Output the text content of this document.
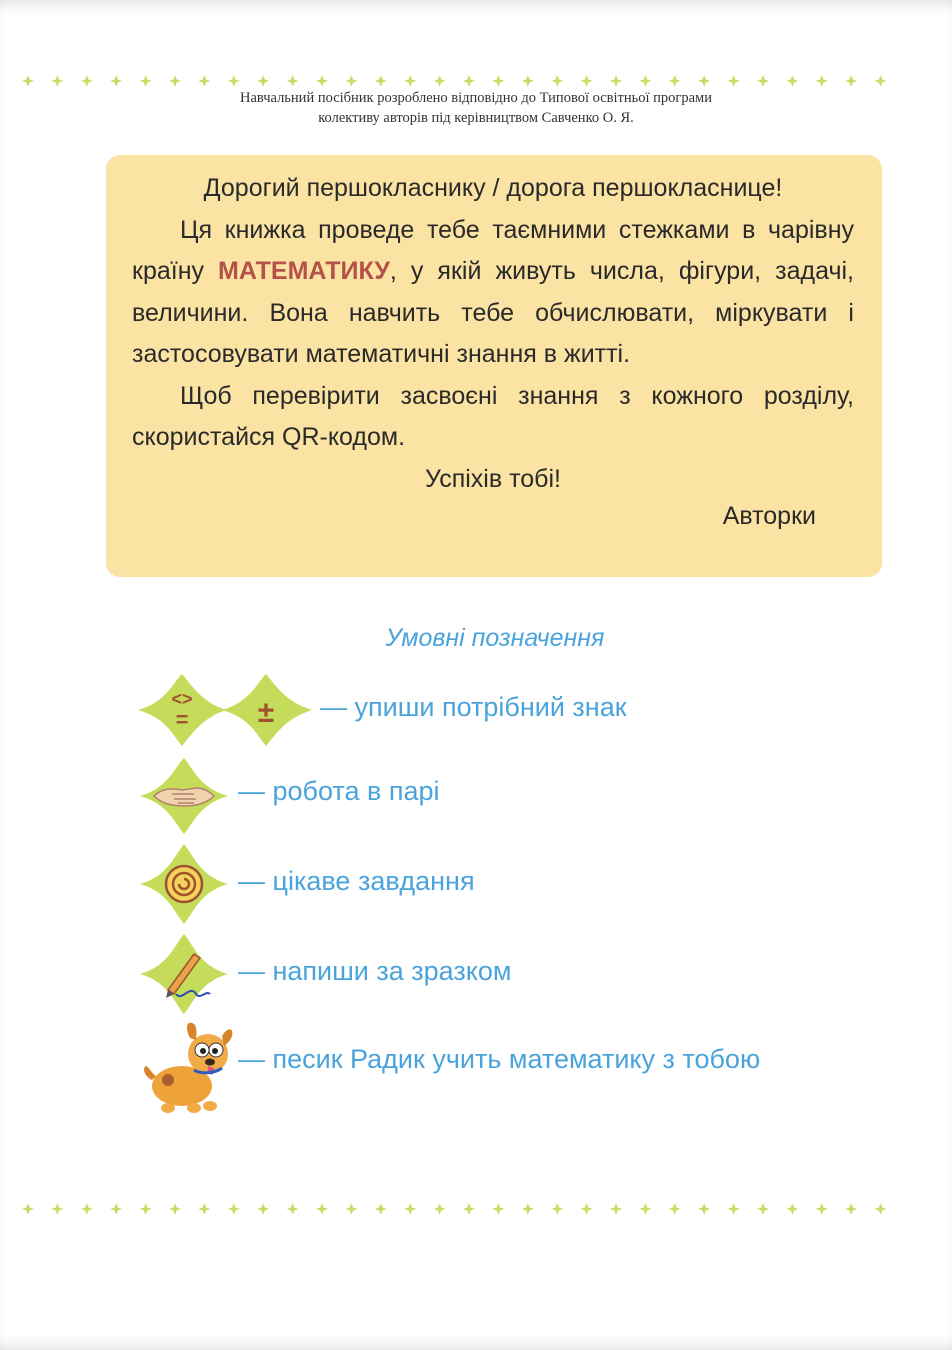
Навчальний посібник розроблено відповідно до Типової освітньої програми
колективу авторів під керівництвом Савченко О. Я.

Дорогий першокласнику / дорога першокласнице!

Ця книжка проведе тебе таємними стежками в чарівну країну МАТЕМАТИКУ, у якій живуть числа, фігури, задачі, величини. Вона навчить тебе обчислювати, міркувати і застосовувати математичні знання в житті.

Щоб перевірити засвоєні знання з кожного розділу, скористайся QR-кодом.

Успіхів тобі!

Авторки

Умовні позначення
<>
= ± — упиши потрібний знак
— робота в парі
— цікаве завдання
— напиши за зразком
— песик Радик учить математику з тобою
